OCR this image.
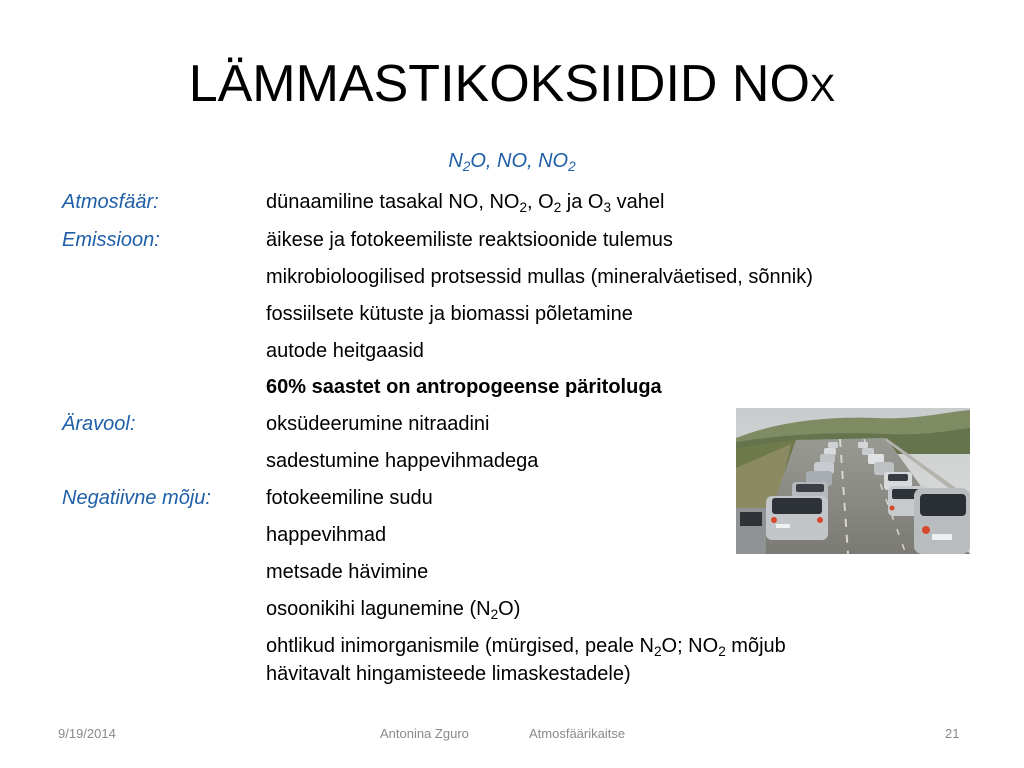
LÄMMASTIKOKSIIDID NOX
$N_2O$, NO, $NO_2$
Atmosfäär:	dünaamiline tasakal NO, $NO_2$, $O_2$ ja $O_3$ vahel
Emissioon:	äikese ja fotokeemiliste reaktsioonide tulemus
mikrobioloogilised protsessid mullas (mineralväetised, sõnnik)
fossiilsete kütuste ja biomassi põletamine
autode heitgaasid
60% saastet on antropogeense päritoluga
Äravool:	oksüdeerumine nitraadini
sadestumine happevihmadega
Negatiivne mõju:	fotokeemiline sudu
happevihmad
metsade hävimine
osoonikihi lagunemine $(N_2O)$
ohtlikud inimorganismile (mürgised, peale $N_2O$; $NO_2$ mõjub
hävitavalt hingamisteede limaskestadele)
9/19/2014	Antonina Zguro	Atmosfäärikaitse	21
